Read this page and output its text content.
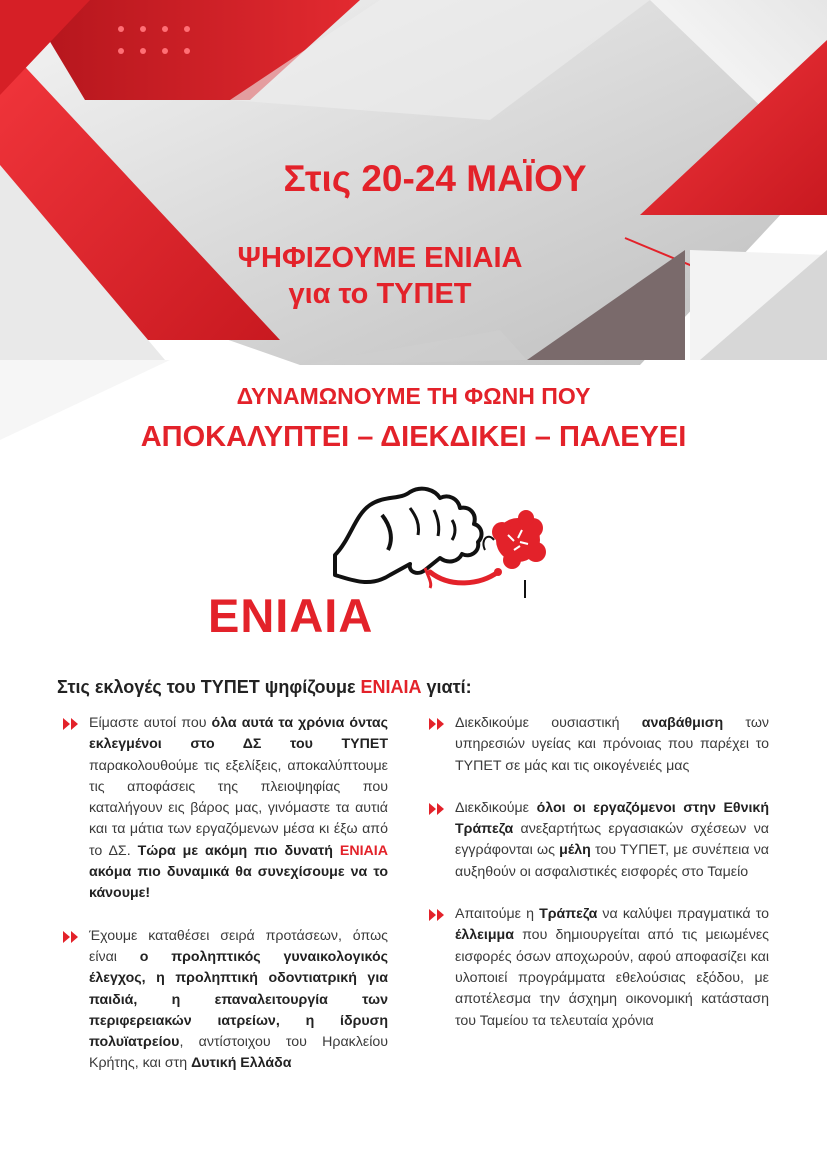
Στις 20-24 ΜΑΪΟΥ
ΨΗΦΙΖΟΥΜΕ ΕΝΙΑΙΑ
για το ΤΥΠΕΤ
ΔΥΝΑΜΩΝΟΥΜΕ ΤΗ ΦΩΝΗ ΠΟΥ
ΑΠΟΚΑΛΥΠΤΕΙ – ΔΙΕΚΔΙΚΕΙ – ΠΑΛΕΥΕΙ
ΕΝΙΑΙΑ
Στις εκλογές του ΤΥΠΕΤ ψηφίζουμε ΕΝΙΑΙΑ γιατί:

Είμαστε αυτοί που όλα αυτά τα χρόνια όντας εκλεγμένοι στο ΔΣ του ΤΥΠΕΤ παρακολουθούμε τις εξελίξεις, αποκαλύπτουμε τις αποφάσεις της πλειοψηφίας που καταλήγουν εις βάρος μας, γινόμαστε τα αυτιά και τα μάτια των εργαζόμενων μέσα κι έξω από το ΔΣ. Τώρα με ακόμη πιο δυνατή ΕΝΙΑΙΑ ακόμα πιο δυναμικά θα συνεχίσουμε να το κάνουμε!

Έχουμε καταθέσει σειρά προτάσεων, όπως είναι ο προληπτικός γυναικολογικός έλεγχος, η προληπτική οδοντιατρική για παιδιά, η επαναλειτουργία των περιφερειακών ιατρείων, η ίδρυση πολυϊατρείου, αντίστοιχου του Ηρακλείου Κρήτης, και στη Δυτική Ελλάδα

Διεκδικούμε ουσιαστική αναβάθμιση των υπηρεσιών υγείας και πρόνοιας που παρέχει το ΤΥΠΕΤ σε μάς και τις οικογένειές μας

Διεκδικούμε όλοι οι εργαζόμενοι στην Εθνική Τράπεζα ανεξαρτήτως εργασιακών σχέσεων να εγγράφονται ως μέλη του ΤΥΠΕΤ, με συνέπεια να αυξηθούν οι ασφαλιστικές εισφορές στο Ταμείο

Απαιτούμε η Τράπεζα να καλύψει πραγματικά το έλλειμμα που δημιουργείται από τις μειωμένες εισφορές όσων αποχωρούν, αφού αποφασίζει και υλοποιεί προγράμματα εθελούσιας εξόδου, με αποτέλεσμα την άσχημη οικονομική κατάσταση του Ταμείου τα τελευταία χρόνια
